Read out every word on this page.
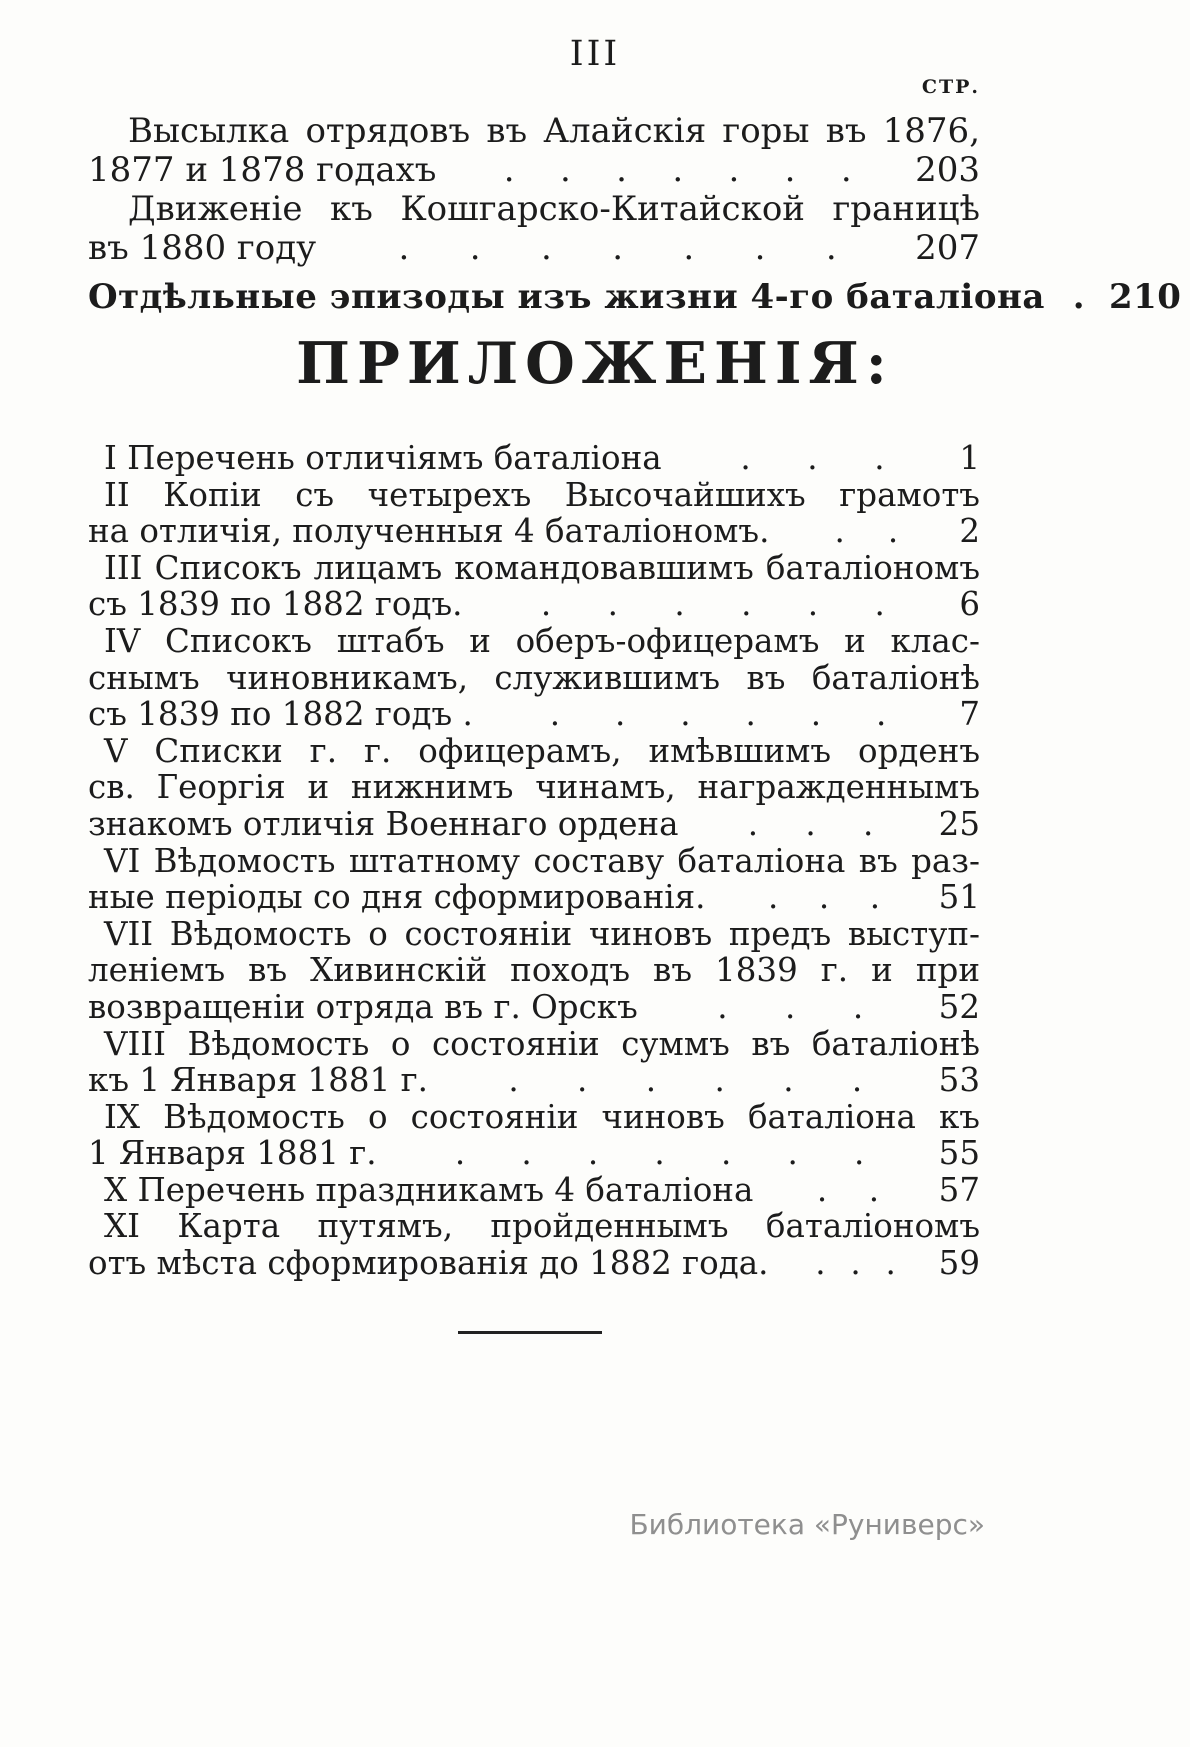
III
СТР.
Высылка отрядовъ въ Алайскія горы въ 1876,
1877 и 1878 годахъ . . . . . . . 203
Движеніе къ Кошгарско-Китайской границѣ
въ 1880 году . . . . . . . 207
Отдѣльные эпизоды изъ жизни 4-го баталіона . 210
ПРИЛОЖЕНІЯ:
I Перечень отличіямъ баталіона . . . 1
II Копіи съ четырехъ Высочайшихъ грамотъ
на отличія, полученныя 4 баталіономъ. . . 2
III Списокъ лицамъ командовавшимъ баталіономъ
съ 1839 по 1882 годъ. . . . . . . 6
IV Списокъ штабъ и оберъ-офицерамъ и клас-
снымъ чиновникамъ, служившимъ въ баталіонѣ
съ 1839 по 1882 годъ . . . . . . . 7
V Списки г. г. офицерамъ, имѣвшимъ орденъ
св. Георгія и нижнимъ чинамъ, награжденнымъ
знакомъ отличія Военнаго ордена . . . 25
VI Вѣдомость штатному составу баталіона въ раз-
ные періоды со дня сформированія. . . . 51
VII Вѣдомость о состояніи чиновъ предъ выступ-
леніемъ въ Хивинскій походъ въ 1839 г. и при
возвращеніи отряда въ г. Орскъ . . . 52
VIII Вѣдомость о состояніи суммъ въ баталіонѣ
къ 1 Января 1881 г. . . . . . . 53
IX Вѣдомость о состояніи чиновъ баталіона къ
1 Января 1881 г. . . . . . . . 55
X Перечень праздникамъ 4 баталіона . . 57
XI Карта путямъ, пройденнымъ баталіономъ
отъ мѣста сформированія до 1882 года. . . . 59
Библиотека «Руниверс»
